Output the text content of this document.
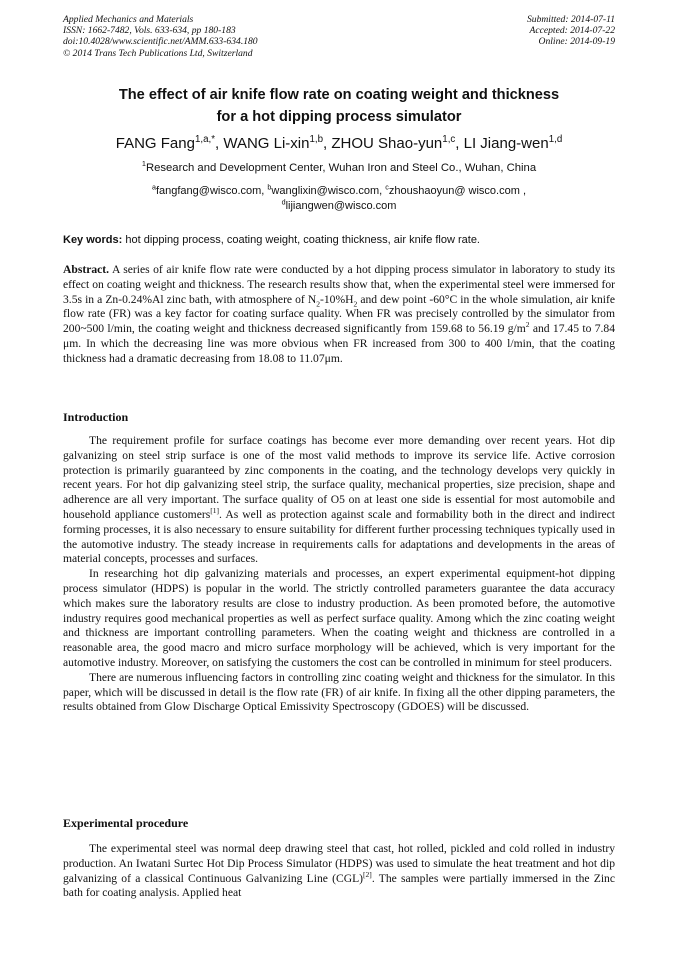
Applied Mechanics and Materials
ISSN: 1662-7482, Vols. 633-634, pp 180-183
doi:10.4028/www.scientific.net/AMM.633-634.180
© 2014 Trans Tech Publications Ltd, Switzerland
Submitted: 2014-07-11
Accepted: 2014-07-22
Online: 2014-09-19
The effect of air knife flow rate on coating weight and thickness
for a hot dipping process simulator
FANG Fang$^{1,a,*}$, WANG Li-xin$^{1,b}$, ZHOU Shao-yun$^{1,c}$, LI Jiang-wen$^{1,d}$
$^1$Research and Development Center, Wuhan Iron and Steel Co., Wuhan, China
$^a$fangfang@wisco.com, $^b$wanglixin@wisco.com, $^c$zhoushaoyun@ wisco.com ,
$^d$lijiangwen@wisco.com
Key words: hot dipping process, coating weight, coating thickness, air knife flow rate.
Abstract. A series of air knife flow rate were conducted by a hot dipping process simulator in laboratory to study its effect on coating weight and thickness. The research results show that, when the experimental steel were immersed for 3.5s in a Zn-0.24%Al zinc bath, with atmosphere of $N_2-10\%H_2$ and dew point -60°C in the whole simulation, air knife flow rate (FR) was a key factor for coating surface quality. When FR was precisely controlled by the simulator from 200~500 l/min, the coating weight and thickness decreased significantly from 159.68 to 56.19 $g/m^2$ and 17.45 to 7.84 μm. In which the decreasing line was more obvious when FR increased from 300 to 400 l/min, that the coating thickness had a dramatic decreasing from 18.08 to 11.07μm.
Introduction

The requirement profile for surface coatings has become ever more demanding over recent years. Hot dip galvanizing on steel strip surface is one of the most valid methods to improve its service life. Active corrosion protection is primarily guaranteed by zinc components in the coating, and the technology develops very quickly in recent years. For hot dip galvanizing steel strip, the surface quality, mechanical properties, size precision, shape and adherence are all very important. The surface quality of O5 on at least one side is essential for most automobile and household appliance customers[1]. As well as protection against scale and formability both in the direct and indirect forming processes, it is also necessary to ensure suitability for different further processing techniques typically used in the automotive industry. The steady increase in requirements calls for adaptations and developments in the areas of material concepts, processes and surfaces.

In researching hot dip galvanizing materials and processes, an expert experimental equipment-hot dipping process simulator (HDPS) is popular in the world. The strictly controlled parameters guarantee the data accuracy which makes sure the laboratory results are close to industry production. As been promoted before, the automotive industry requires good mechanical properties as well as perfect surface quality. Among which the zinc coating weight and thickness are important controlling parameters. When the coating weight and thickness are controlled in a reasonable area, the good macro and micro surface morphology will be achieved, which is very important for the automotive industry. Moreover, on satisfying the customers the cost can be controlled in minimum for steel producers.

There are numerous influencing factors in controlling zinc coating weight and thickness for the simulator. In this paper, which will be discussed in detail is the flow rate (FR) of air knife. In fixing all the other dipping parameters, the results obtained from Glow Discharge Optical Emissivity Spectroscopy (GDOES) will be discussed.

Experimental procedure

The experimental steel was normal deep drawing steel that cast, hot rolled, pickled and cold rolled in industry production. An Iwatani Surtec Hot Dip Process Simulator (HDPS) was used to simulate the heat treatment and hot dip galvanizing of a classical Continuous Galvanizing Line (CGL)[2]. The samples were partially immersed in the Zinc bath for coating analysis. Applied heat
